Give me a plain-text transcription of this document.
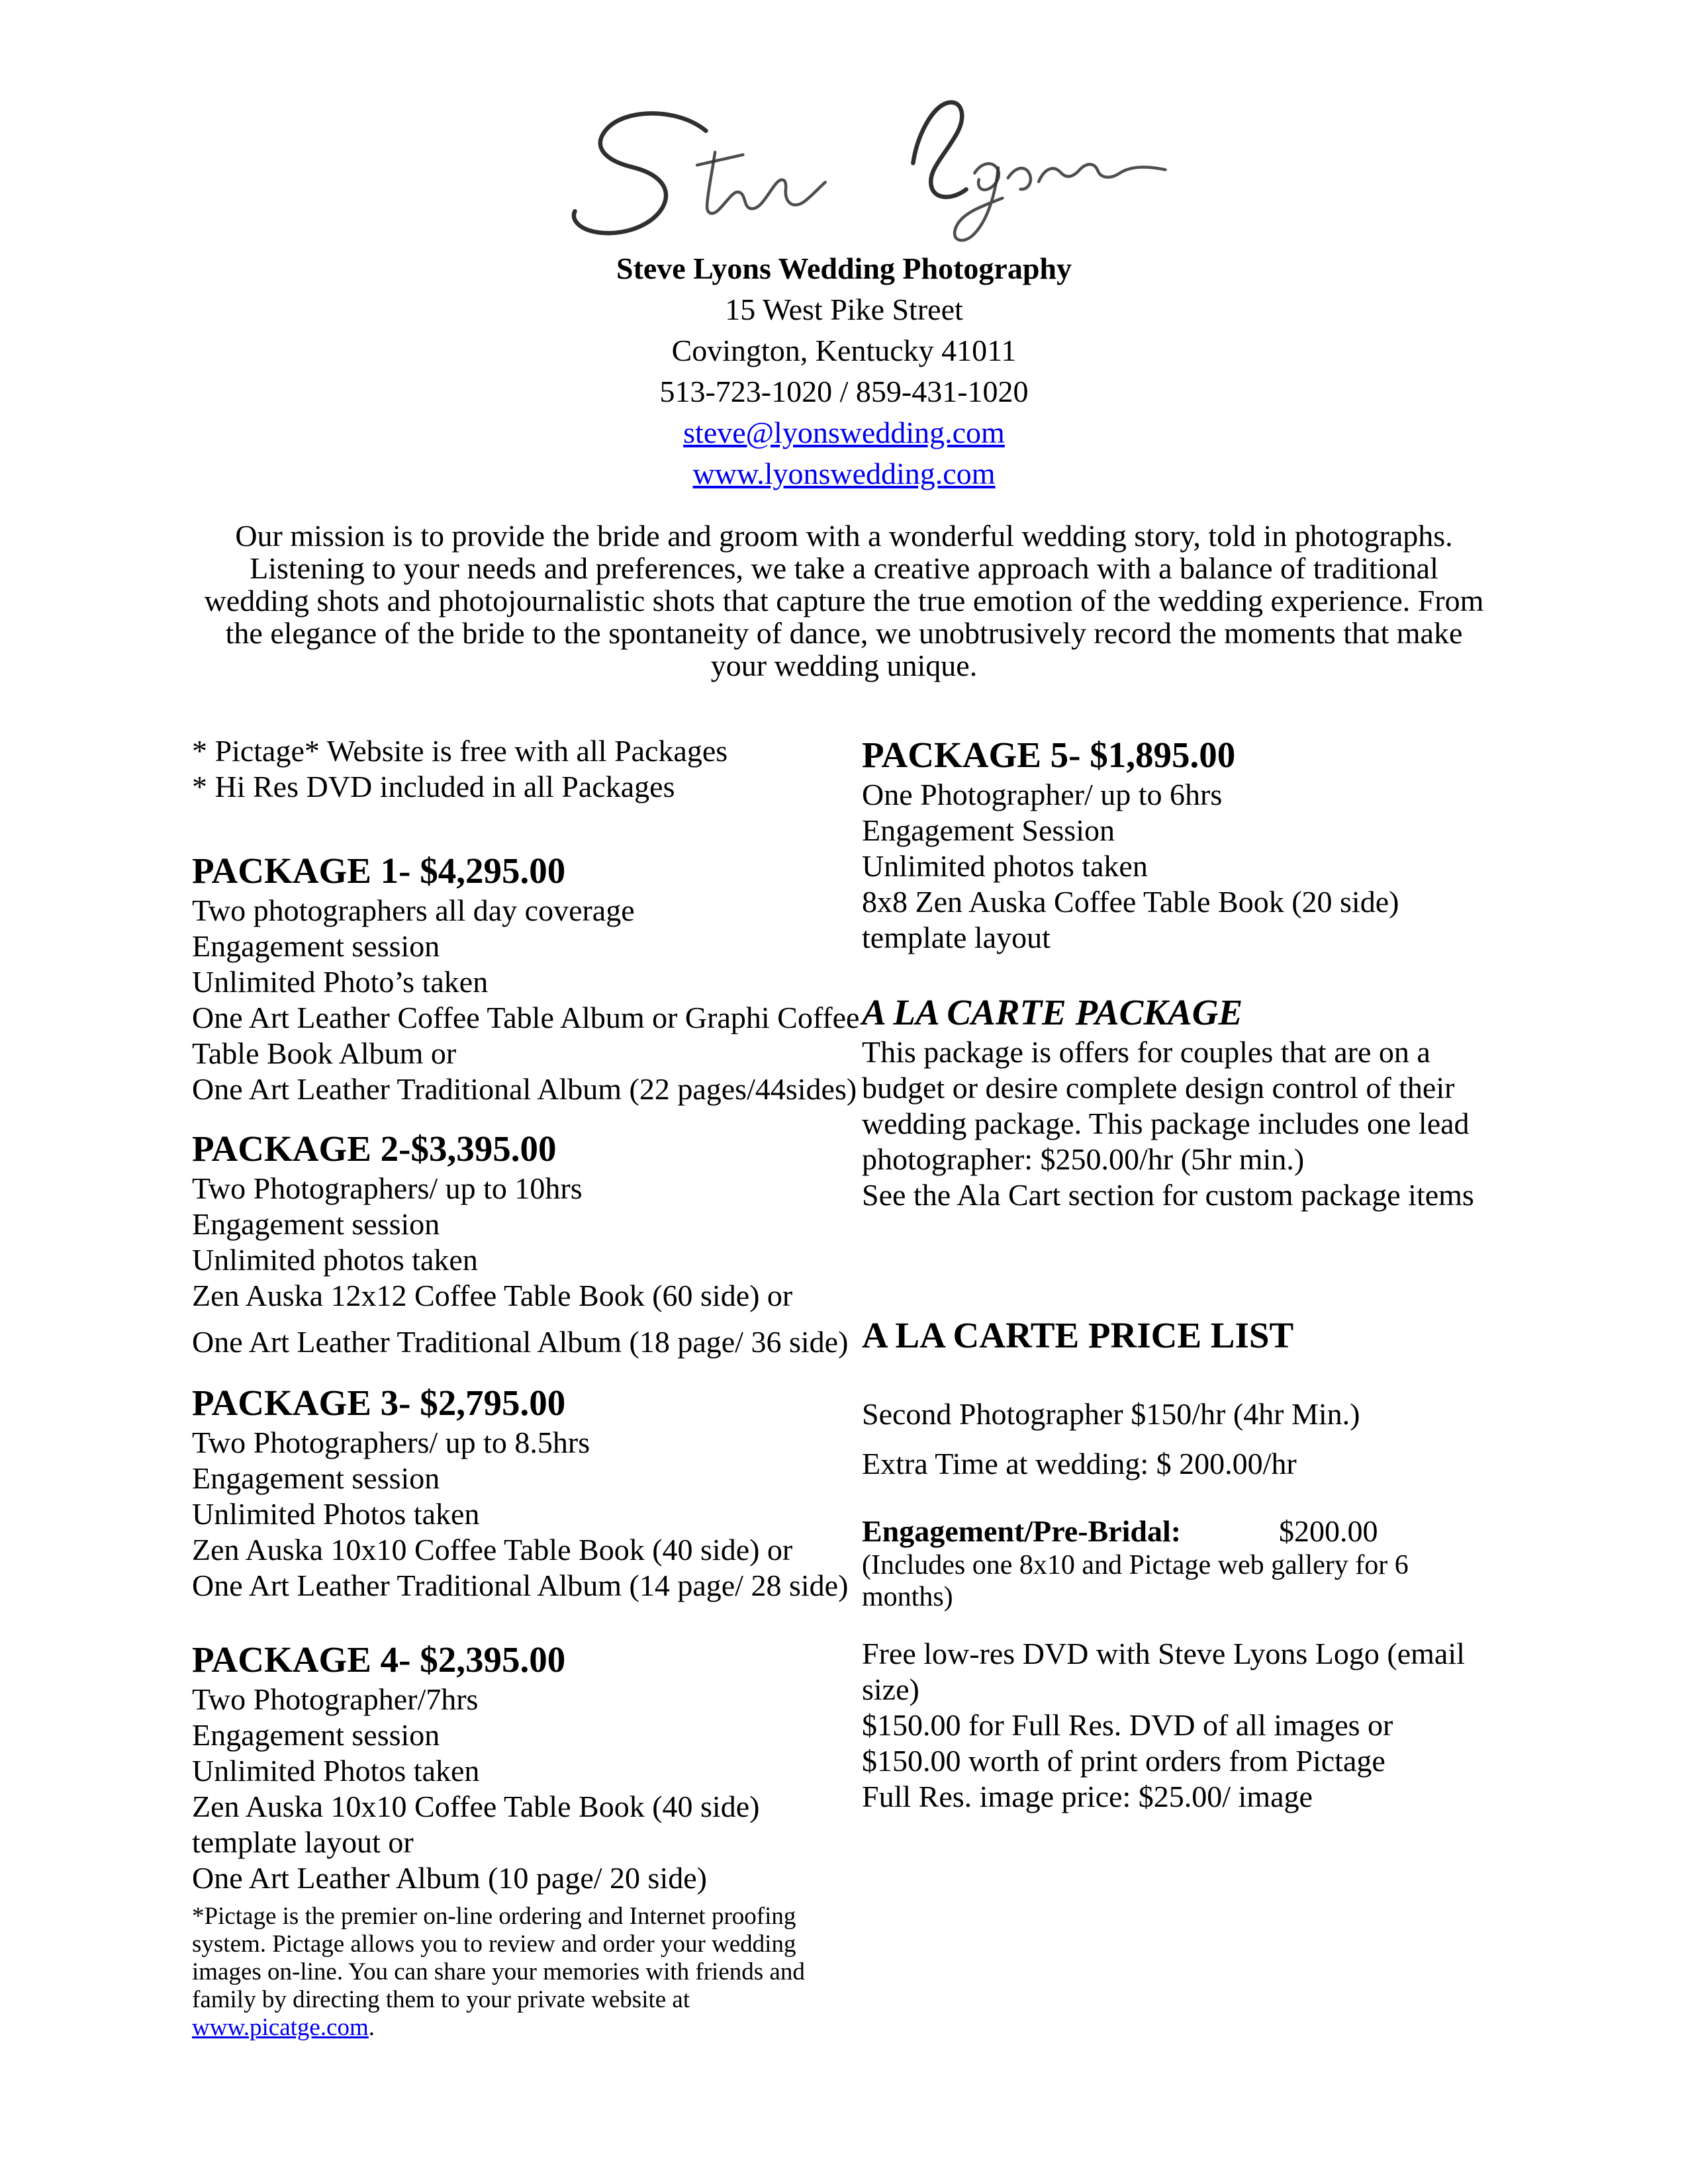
Steve Lyons Wedding Photography
15 West Pike Street
Covington, Kentucky 41011
513-723-1020 / 859-431-1020
steve@lyonswedding.com
www.lyonswedding.com
Our mission is to provide the bride and groom with a wonderful wedding story, told in photographs.
Listening to your needs and preferences, we take a creative approach with a balance of traditional
wedding shots and photojournalistic shots that capture the true emotion of the wedding experience. From
the elegance of the bride to the spontaneity of dance, we unobtrusively record the moments that make
your wedding unique.
* Pictage* Website is free with all Packages
* Hi Res DVD included in all Packages
PACKAGE 1- $4,295.00
Two photographers all day coverage
Engagement session
Unlimited Photo’s taken
One Art Leather Coffee Table Album or Graphi Coffee
Table Book Album or
One Art Leather Traditional Album (22 pages/44sides)
PACKAGE 2-$3,395.00
Two Photographers/ up to 10hrs
Engagement session
Unlimited photos taken
Zen Auska 12x12 Coffee Table Book (60 side) or
One Art Leather Traditional Album (18 page/ 36 side)
PACKAGE 3- $2,795.00
Two Photographers/ up to 8.5hrs
Engagement session
Unlimited Photos taken
Zen Auska 10x10 Coffee Table Book (40 side) or
One Art Leather Traditional Album (14 page/ 28 side)
PACKAGE 4- $2,395.00
Two Photographer/7hrs
Engagement session
Unlimited Photos taken
Zen Auska 10x10 Coffee Table Book (40 side)
template layout or
One Art Leather Album (10 page/ 20 side)
*Pictage is the premier on-line ordering and Internet proofing
system. Pictage allows you to review and order your wedding
images on-line. You can share your memories with friends and
family by directing them to your private website at
www.picatge.com.
PACKAGE 5- $1,895.00
One Photographer/ up to 6hrs
Engagement Session
Unlimited photos taken
8x8 Zen Auska Coffee Table Book (20 side)
template layout
A LA CARTE PACKAGE
This package is offers for couples that are on a
budget or desire complete design control of their
wedding package. This package includes one lead
photographer: $250.00/hr (5hr min.)
See the Ala Cart section for custom package items
A LA CARTE PRICE LIST
Second Photographer $150/hr (4hr Min.)
Extra Time at wedding: $ 200.00/hr
Engagement/Pre-Bridal:	$200.00
(Includes one 8x10 and Pictage web gallery for 6
months)
Free low-res DVD with Steve Lyons Logo (email
size)
$150.00 for Full Res. DVD of all images or
$150.00 worth of print orders from Pictage
Full Res. image price: $25.00/ image
